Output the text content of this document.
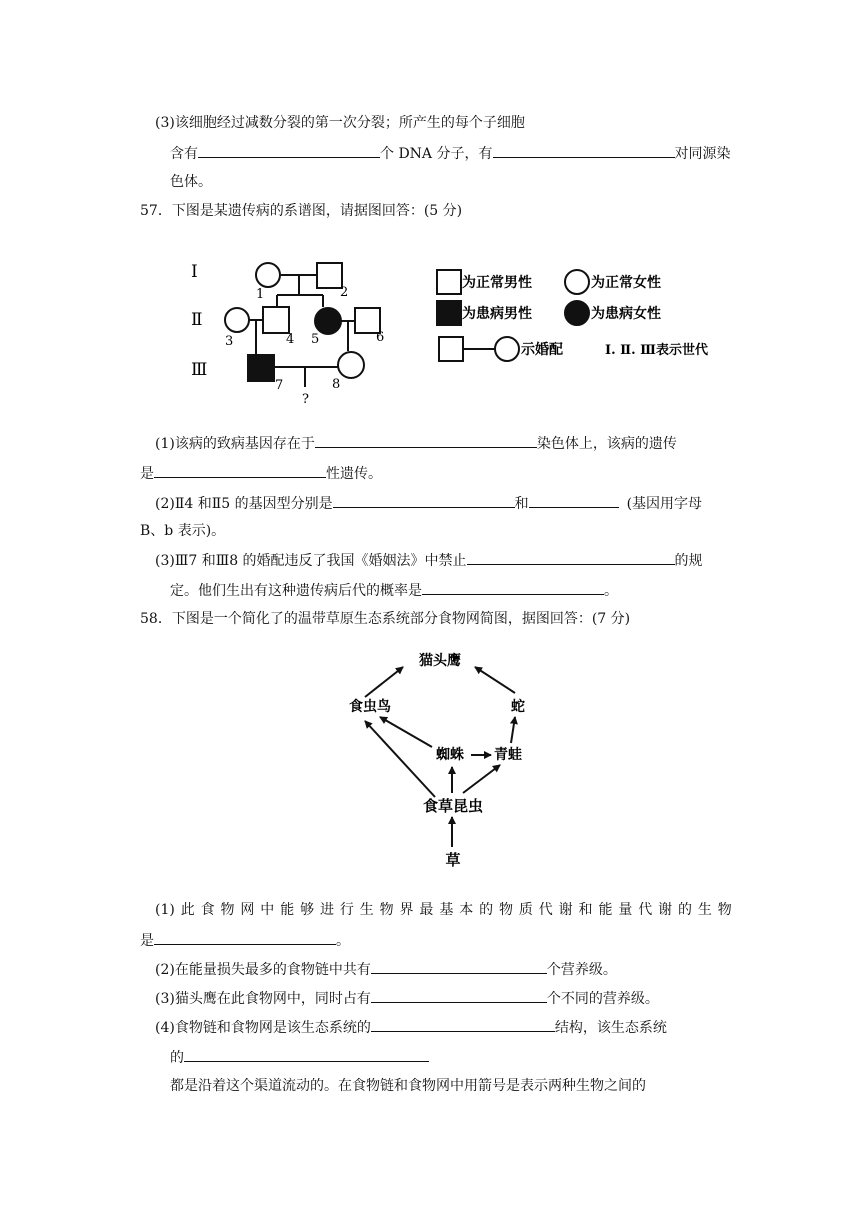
(3)该细胞经过减数分裂的第一次分裂；所产生的每个子细胞
含有	个 DNA 分子，有	对同源染
色体。
57．下图是某遗传病的系谱图，请据图回答：(5 分)
Ⅰ
Ⅱ
Ⅲ
1	2
3	4 5	6
7	8
?
为正常男性	为正常女性
为患病男性	为患病女性
示婚配	Ⅰ. Ⅱ. Ⅲ表示世代
(1)该病的致病基因存在于	染色体上，该病的遗传
是	性遗传。
(2)Ⅱ4 和Ⅱ5 的基因型分别是	和	(基因用字母
B、b 表示)。
(3)Ⅲ7 和Ⅲ8 的婚配违反了我国《婚姻法》中禁止	的规
定。他们生出有这种遗传病后代的概率是	。
58．下图是一个简化了的温带草原生态系统部分食物网简图，据图回答：(7 分)
猫头鹰
食虫鸟	蛇
蜘蛛 青蛙
食草昆虫
草
(1) 此 食 物 网 中 能 够 进 行 生 物 界 最 基 本 的 物 质 代 谢 和 能 量 代 谢 的 生 物
是	。
(2)在能量损失最多的食物链中共有	个营养级。
(3)猫头鹰在此食物网中，同时占有	个不同的营养级。
(4)食物链和食物网是该生态系统的	结构，该生态系统
的
都是沿着这个渠道流动的。在食物链和食物网中用箭号是表示两种生物之间的
